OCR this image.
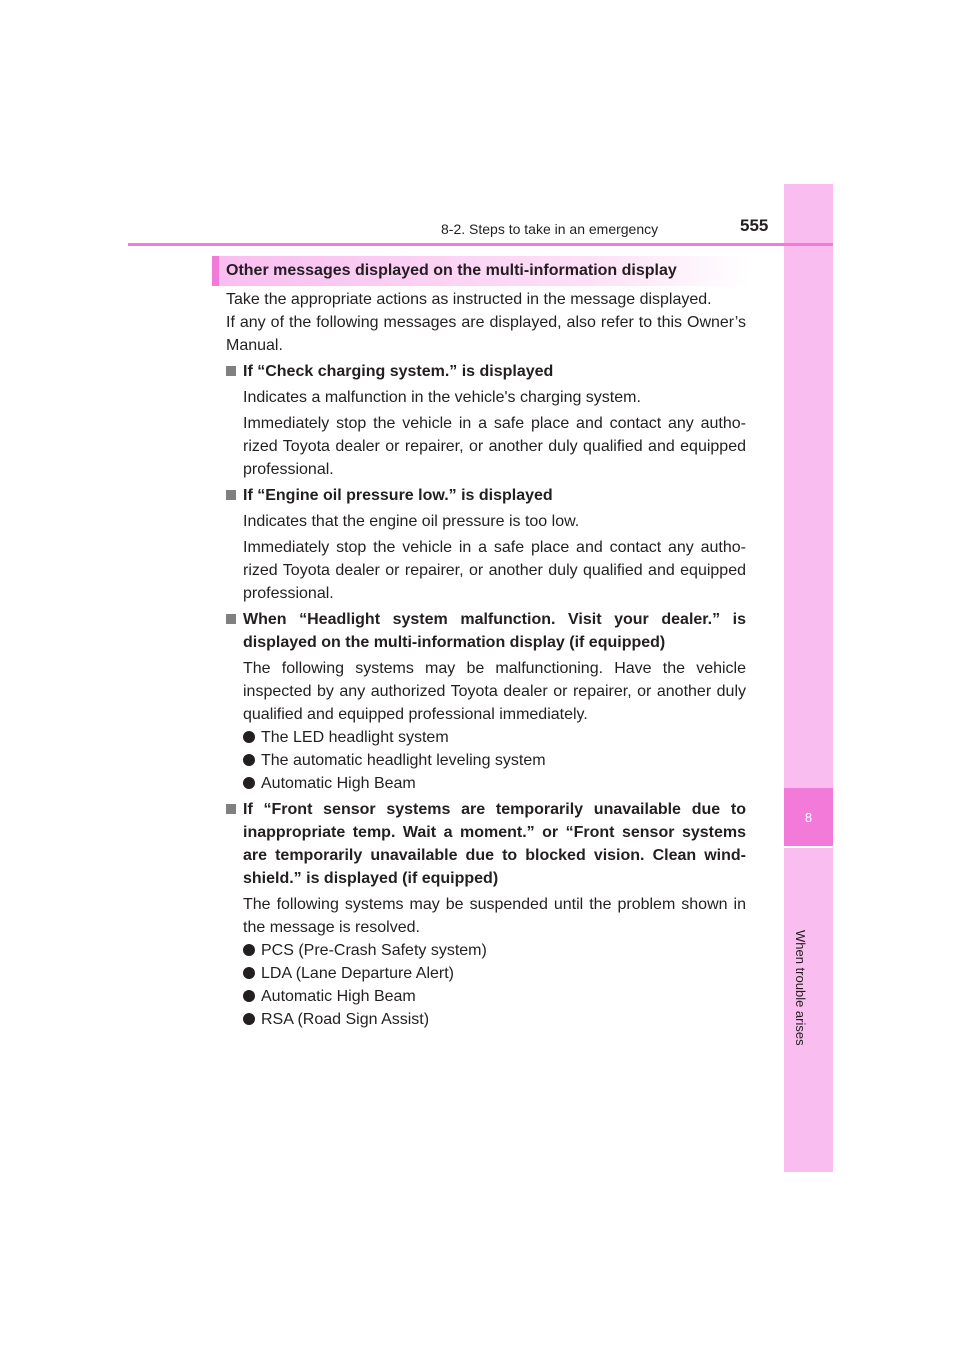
8
When trouble arises
8-2. Steps to take in an emergency	555
Other messages displayed on the multi-information display

Take the appropriate actions as instructed in the message displayed.
If any of the following messages are displayed, also refer to this Owner’s Manual.

If “Check charging system.” is displayed

Indicates a malfunction in the vehicle's charging system.

Immediately stop the vehicle in a safe place and contact any autho-rized Toyota dealer or repairer, or another duly qualified and equipped professional.

If “Engine oil pressure low.” is displayed

Indicates that the engine oil pressure is too low.

Immediately stop the vehicle in a safe place and contact any autho-rized Toyota dealer or repairer, or another duly qualified and equipped professional.

When “Headlight system malfunction. Visit your dealer.” is displayed on the multi-information display (if equipped)

The following systems may be malfunctioning. Have the vehicle inspected by any authorized Toyota dealer or repairer, or another duly qualified and equipped professional immediately.

The LED headlight system

The automatic headlight leveling system

Automatic High Beam

If “Front sensor systems are temporarily unavailable due to inappropriate temp. Wait a moment.” or “Front sensor systems are temporarily unavailable due to blocked vision. Clean wind-shield.” is displayed (if equipped)

The following systems may be suspended until the problem shown in the message is resolved.

PCS (Pre-Crash Safety system)

LDA (Lane Departure Alert)

Automatic High Beam

RSA (Road Sign Assist)
